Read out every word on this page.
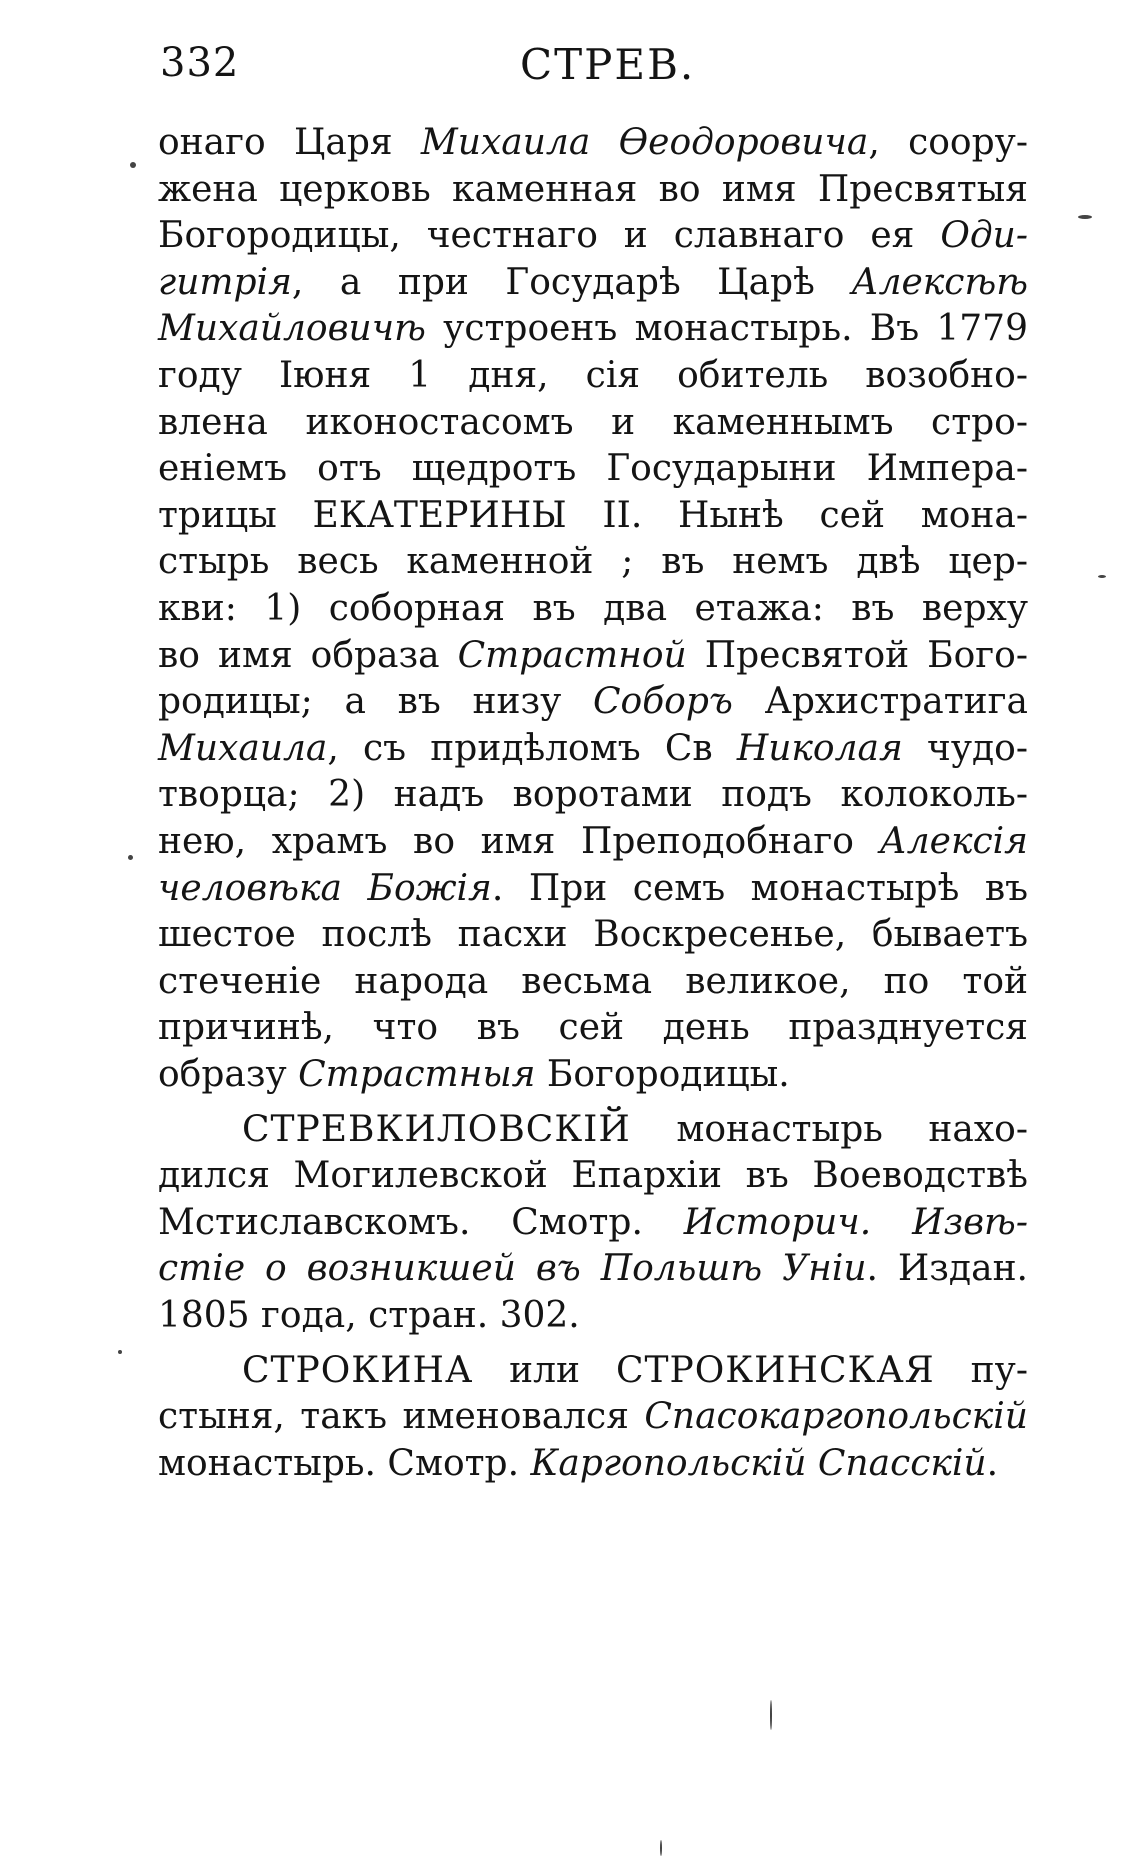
332	СТРЕВ.
онаго Царя Михаила Өеодоровича, соору-
жена церковь каменная во имя Пресвятыя
Богородицы, честнаго и славнаго ея Оди-
гитрія, а при Государѣ Царѣ Алексѣѣ
Михайловичѣ устроенъ монастырь. Въ 1779
году Іюня 1 дня, сія обитель возобно-
влена иконостасомъ и каменнымъ стро-
еніемъ отъ щедротъ Государыни Импера-
трицы ЕКАТЕРИНЫ II. Нынѣ сей мона-
стырь весь каменной ; въ немъ двѣ цер-
кви: 1) соборная въ два етажа: въ верху
во имя образа Страстной Пресвятой Бого-
родицы; а въ низу Соборъ Архистратига
Михаила, съ придѣломъ Св Николая чудо-
творца; 2) надъ воротами подъ колоколь-
нею, храмъ во имя Преподобнаго Алексія
человѣка Божія. При семъ монастырѣ въ
шестое послѣ пасхи Воскресенье, бываетъ
стеченіе народа весьма великое, по той
причинѣ, что въ сей день празднуется
образу Страстныя Богородицы.
СТРЕВКИЛОВСКІЙ монастырь нахо-
дился Могилевской Епархіи въ Воеводствѣ
Мстиславскомъ. Смотр. Историч. Извѣ-
стіе о возникшей въ Польшѣ Уніи. Издан.
1805 года, стран. 302.
СТРОКИНА или СТРОКИНСКАЯ пу-
стыня, такъ именовался Спасокаргопольскій
монастырь. Смотр. Каргопольскій Спасскій.
